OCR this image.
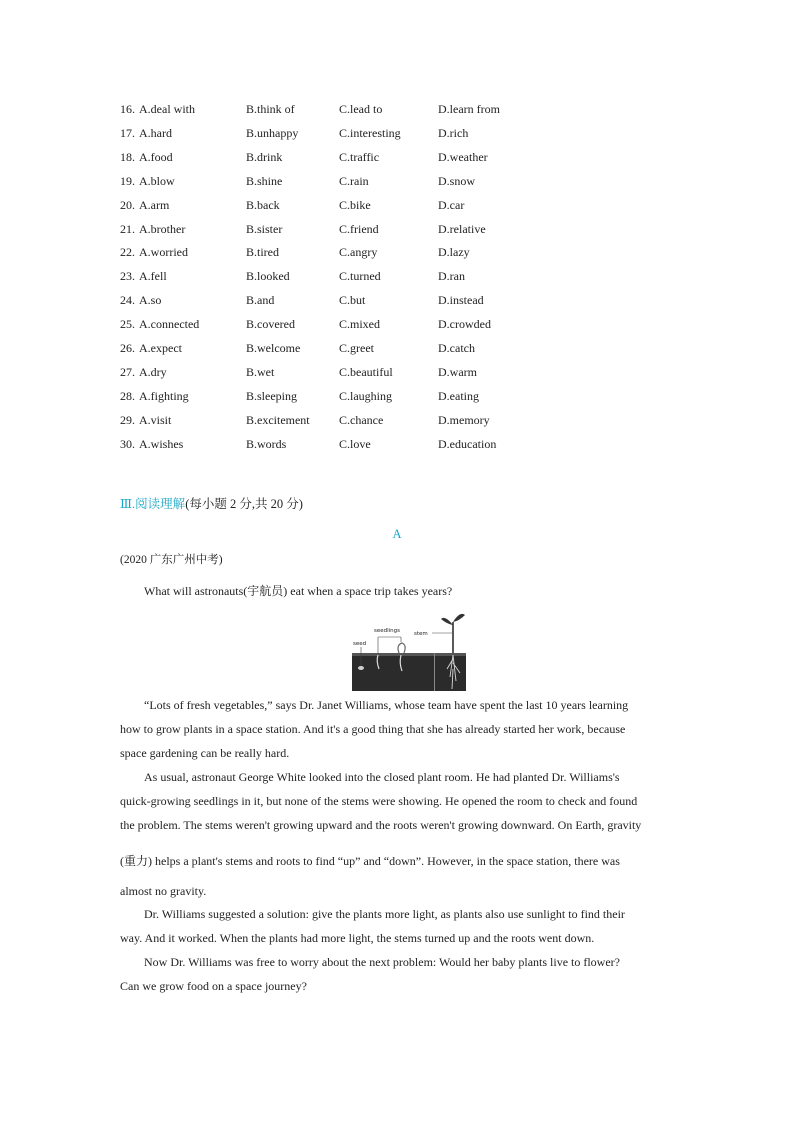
16. A.deal with	B.think of	C.lead to	D.learn from
17. A.hard	B.unhappy	C.interesting	D.rich
18. A.food	B.drink	C.traffic	D.weather
19. A.blow	B.shine	C.rain	D.snow
20. A.arm	B.back	C.bike	D.car
21. A.brother	B.sister	C.friend	D.relative
22. A.worried	B.tired	C.angry	D.lazy
23. A.fell	B.looked	C.turned	D.ran
24. A.so	B.and	C.but	D.instead
25. A.connected	B.covered	C.mixed	D.crowded
26. A.expect	B.welcome	C.greet	D.catch
27. A.dry	B.wet	C.beautiful	D.warm
28. A.fighting	B.sleeping	C.laughing	D.eating
29. A.visit	B.excitement C.chance	D.memory
30. A.wishes	B.words	C.love	D.education
Ⅲ.阅读理解(每小题 2 分,共 20 分)
A
(2020 广东广州中考)
What will astronauts(宇航员) eat when a space trip takes years?
seed
seedlings	stem
“Lots of fresh vegetables,” says Dr. Janet Williams, whose team have spent the last 10 years learning
how to grow plants in a space station. And it's a good thing that she has already started her work, because
space gardening can be really hard.
As usual, astronaut George White looked into the closed plant room. He had planted Dr. Williams's
quick-growing seedlings in it, but none of the stems were showing. He opened the room to check and found
the problem. The stems weren't growing upward and the roots weren't growing downward. On Earth, gravity
(重力) helps a plant's stems and roots to find “up” and “down”. However, in the space station, there was
almost no gravity.
Dr. Williams suggested a solution: give the plants more light, as plants also use sunlight to find their
way. And it worked. When the plants had more light, the stems turned up and the roots went down.
Now Dr. Williams was free to worry about the next problem: Would her baby plants live to flower?
Can we grow food on a space journey?
